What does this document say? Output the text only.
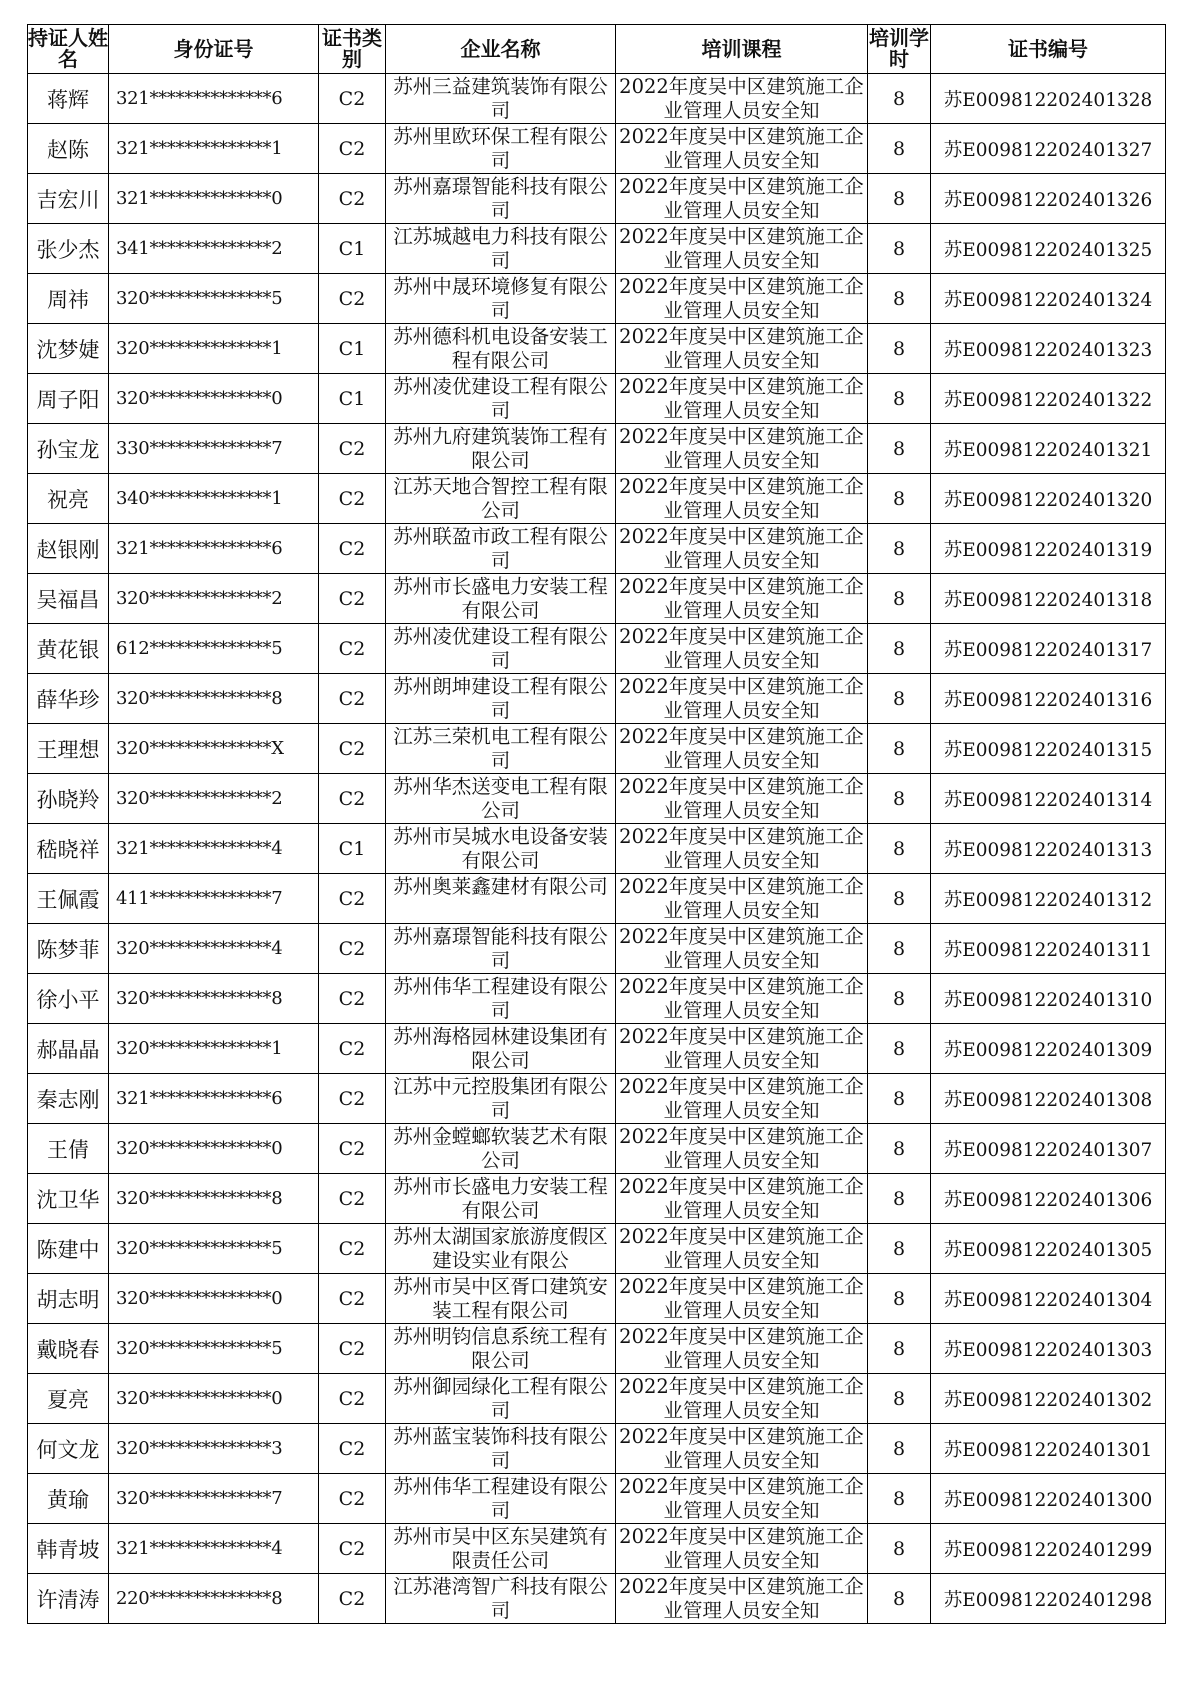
持证人姓名	身份证号	证书类别	企业名称	培训课程	培训学时	证书编号
蒋辉	321**************6	C2	苏州三益建筑装饰有限公司	2022年度吴中区建筑施工企业管理人员安全知	8	苏E009812202401328
赵陈	321**************1	C2	苏州里欧环保工程有限公司	2022年度吴中区建筑施工企业管理人员安全知	8	苏E009812202401327
吉宏川	321**************0	C2	苏州嘉璟智能科技有限公司	2022年度吴中区建筑施工企业管理人员安全知	8	苏E009812202401326
张少杰	341**************2	C1	江苏城越电力科技有限公司	2022年度吴中区建筑施工企业管理人员安全知	8	苏E009812202401325
周祎	320**************5	C2	苏州中晟环境修复有限公司	2022年度吴中区建筑施工企业管理人员安全知	8	苏E009812202401324
沈梦婕	320**************1	C1	苏州德科机电设备安装工程有限公司	2022年度吴中区建筑施工企业管理人员安全知	8	苏E009812202401323
周子阳	320**************0	C1	苏州凌优建设工程有限公司	2022年度吴中区建筑施工企业管理人员安全知	8	苏E009812202401322
孙宝龙	330**************7	C2	苏州九府建筑装饰工程有限公司	2022年度吴中区建筑施工企业管理人员安全知	8	苏E009812202401321
祝亮	340**************1	C2	江苏天地合智控工程有限公司	2022年度吴中区建筑施工企业管理人员安全知	8	苏E009812202401320
赵银刚	321**************6	C2	苏州联盈市政工程有限公司	2022年度吴中区建筑施工企业管理人员安全知	8	苏E009812202401319
吴福昌	320**************2	C2	苏州市长盛电力安装工程有限公司	2022年度吴中区建筑施工企业管理人员安全知	8	苏E009812202401318
黄花银	612**************5	C2	苏州凌优建设工程有限公司	2022年度吴中区建筑施工企业管理人员安全知	8	苏E009812202401317
薛华珍	320**************8	C2	苏州朗坤建设工程有限公司	2022年度吴中区建筑施工企业管理人员安全知	8	苏E009812202401316
王理想	320**************X	C2	江苏三荣机电工程有限公司	2022年度吴中区建筑施工企业管理人员安全知	8	苏E009812202401315
孙晓羚	320**************2	C2	苏州华杰送变电工程有限公司	2022年度吴中区建筑施工企业管理人员安全知	8	苏E009812202401314
嵇晓祥	321**************4	C1	苏州市吴城水电设备安装有限公司	2022年度吴中区建筑施工企业管理人员安全知	8	苏E009812202401313
王佩霞	411**************7	C2	苏州奥莱鑫建材有限公司	2022年度吴中区建筑施工企业管理人员安全知	8	苏E009812202401312
陈梦菲	320**************4	C2	苏州嘉璟智能科技有限公司	2022年度吴中区建筑施工企业管理人员安全知	8	苏E009812202401311
徐小平	320**************8	C2	苏州伟华工程建设有限公司	2022年度吴中区建筑施工企业管理人员安全知	8	苏E009812202401310
郝晶晶	320**************1	C2	苏州海格园林建设集团有限公司	2022年度吴中区建筑施工企业管理人员安全知	8	苏E009812202401309
秦志刚	321**************6	C2	江苏中元控股集团有限公司	2022年度吴中区建筑施工企业管理人员安全知	8	苏E009812202401308
王倩	320**************0	C2	苏州金螳螂软装艺术有限公司	2022年度吴中区建筑施工企业管理人员安全知	8	苏E009812202401307
沈卫华	320**************8	C2	苏州市长盛电力安装工程有限公司	2022年度吴中区建筑施工企业管理人员安全知	8	苏E009812202401306
陈建中	320**************5	C2	苏州太湖国家旅游度假区建设实业有限公	2022年度吴中区建筑施工企业管理人员安全知	8	苏E009812202401305
胡志明	320**************0	C2	苏州市吴中区胥口建筑安装工程有限公司	2022年度吴中区建筑施工企业管理人员安全知	8	苏E009812202401304
戴晓春	320**************5	C2	苏州明钧信息系统工程有限公司	2022年度吴中区建筑施工企业管理人员安全知	8	苏E009812202401303
夏亮	320**************0	C2	苏州御园绿化工程有限公司	2022年度吴中区建筑施工企业管理人员安全知	8	苏E009812202401302
何文龙	320**************3	C2	苏州蓝宝装饰科技有限公司	2022年度吴中区建筑施工企业管理人员安全知	8	苏E009812202401301
黄瑜	320**************7	C2	苏州伟华工程建设有限公司	2022年度吴中区建筑施工企业管理人员安全知	8	苏E009812202401300
韩青坡	321**************4	C2	苏州市吴中区东吴建筑有限责任公司	2022年度吴中区建筑施工企业管理人员安全知	8	苏E009812202401299
许清涛	220**************8	C2	江苏港湾智广科技有限公司	2022年度吴中区建筑施工企业管理人员安全知	8	苏E009812202401298
